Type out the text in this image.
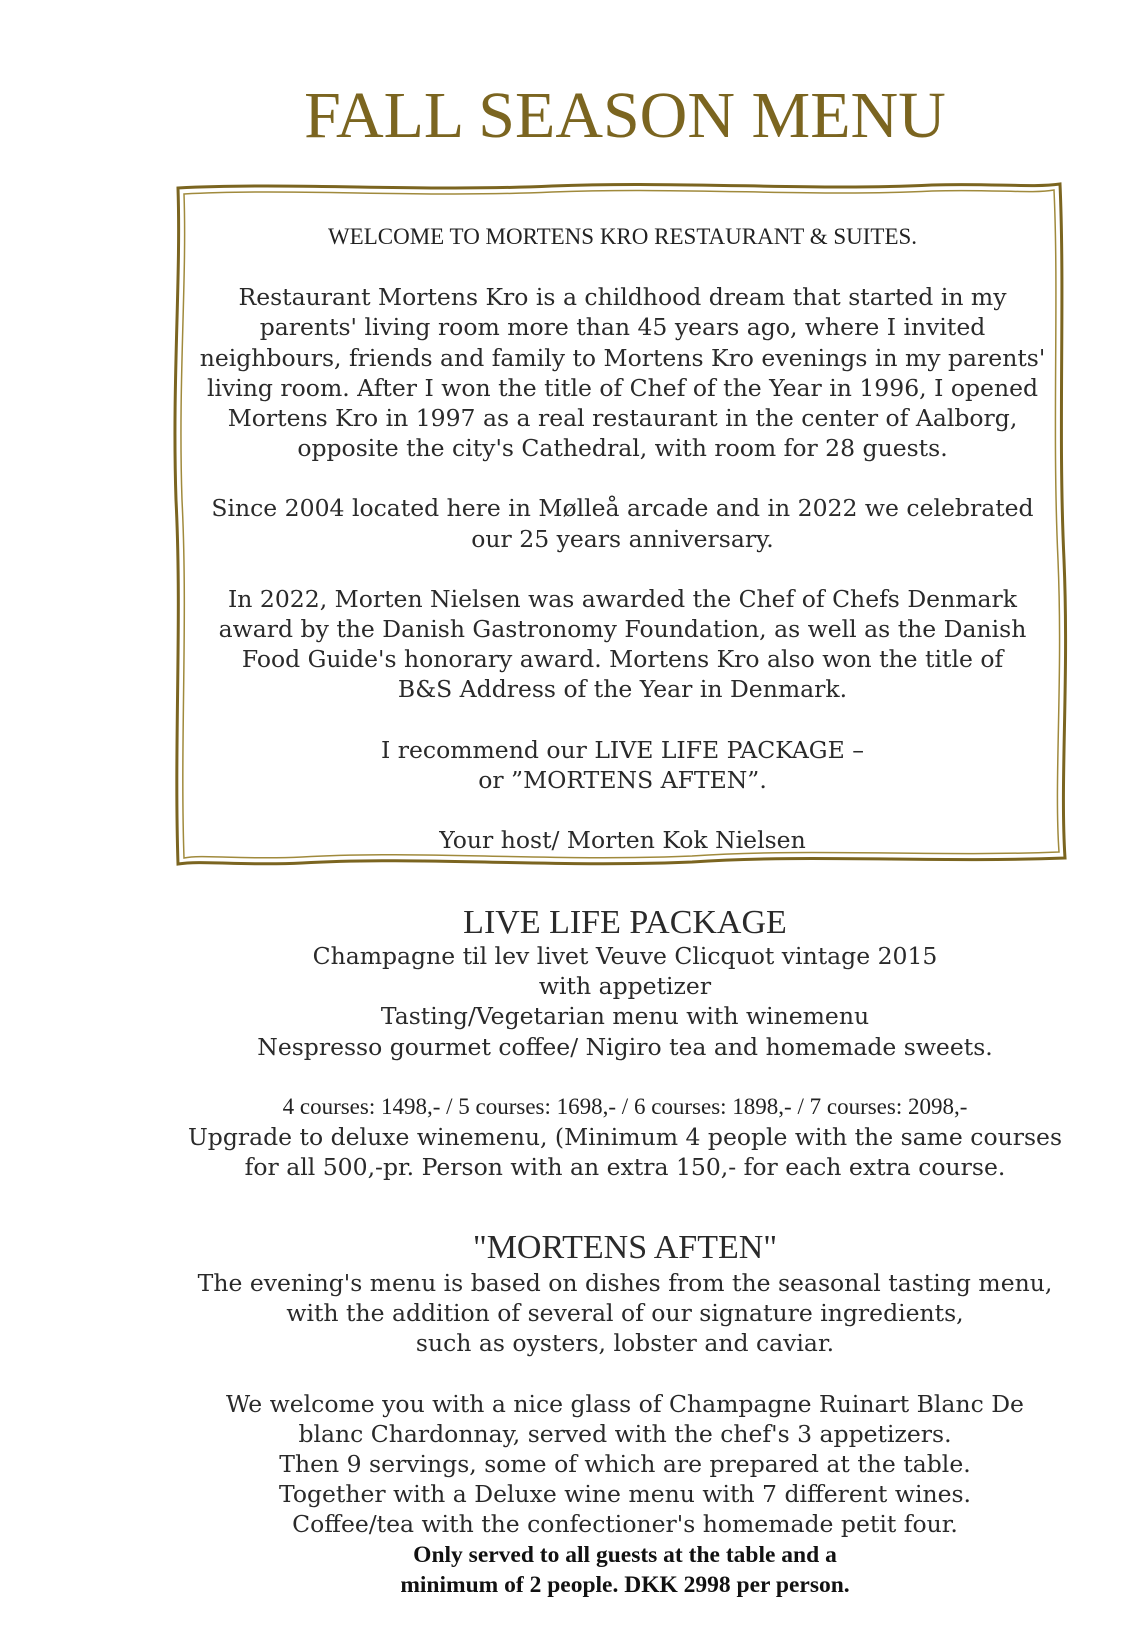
FALL SEASON MENU
WELCOME TO MORTENS KRO RESTAURANT & SUITES.
Restaurant Mortens Kro is a childhood dream that started in my
parents' living room more than 45 years ago, where I invited
neighbours, friends and family to Mortens Kro evenings in my parents'
living room. After I won the title of Chef of the Year in 1996, I opened
Mortens Kro in 1997 as a real restaurant in the center of Aalborg,
opposite the city's Cathedral, with room for 28 guests.
Since 2004 located here in Mølleå arcade and in 2022 we celebrated
our 25 years anniversary.
In 2022, Morten Nielsen was awarded the Chef of Chefs Denmark
award by the Danish Gastronomy Foundation, as well as the Danish
Food Guide's honorary award. Mortens Kro also won the title of
B&S Address of the Year in Denmark.
I recommend our LIVE LIFE PACKAGE –
or ”MORTENS AFTEN”.
Your host/ Morten Kok Nielsen
LIVE LIFE PACKAGE
Champagne til lev livet Veuve Clicquot vintage 2015
with appetizer
Tasting/Vegetarian menu with winemenu
Nespresso gourmet coffee/ Nigiro tea and homemade sweets.
4 courses: 1498,- / 5 courses: 1698,- / 6 courses: 1898,- / 7 courses: 2098,-
Upgrade to deluxe winemenu, (Minimum 4 people with the same courses
for all 500,-pr. Person with an extra 150,- for each extra course.
"MORTENS AFTEN"
The evening's menu is based on dishes from the seasonal tasting menu,
with the addition of several of our signature ingredients,
such as oysters, lobster and caviar.
We welcome you with a nice glass of Champagne Ruinart Blanc De
blanc Chardonnay, served with the chef's 3 appetizers.
Then 9 servings, some of which are prepared at the table.
Together with a Deluxe wine menu with 7 different wines.
Coffee/tea with the confectioner's homemade petit four.
Only served to all guests at the table and a
minimum of 2 people. DKK 2998 per person.
